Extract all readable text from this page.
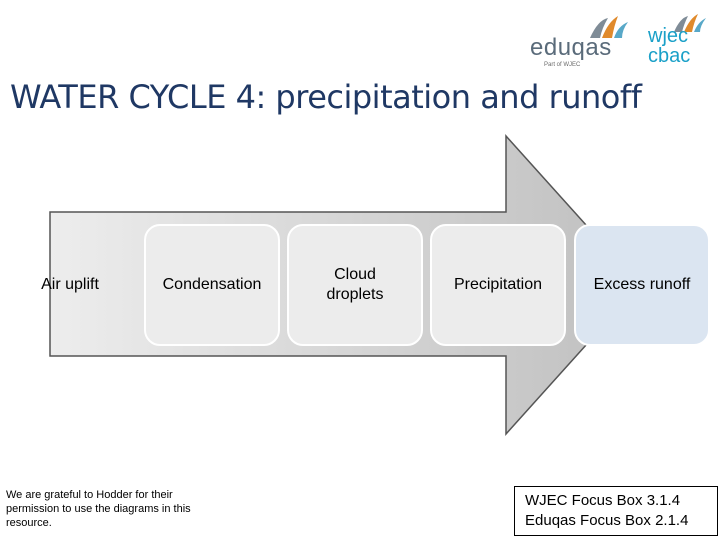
eduqas
Part of WJEC
wjec
cbac
WATER CYCLE 4: precipitation and runoff
Air uplift	Condensation
Cloud droplets
Precipitation	Excess runoff
We are grateful to Hodder for their permission to use the diagrams in this resource.
WJEC Focus Box 3.1.4
Eduqas Focus Box 2.1.4
